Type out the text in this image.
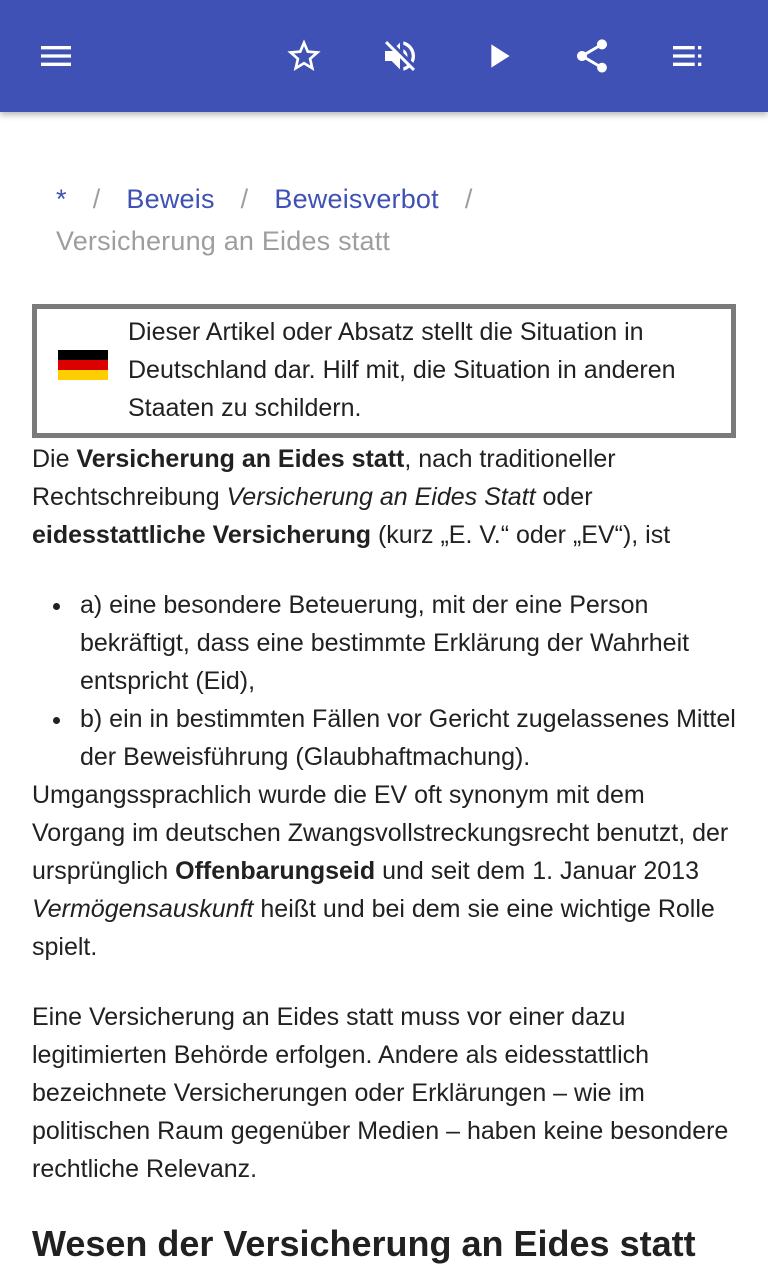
* / Beweis / Beweisverbot /
Versicherung an Eides statt
Dieser Artikel oder Absatz stellt die Situation in Deutschland dar. Hilf mit, die Situation in anderen Staaten zu schildern.

Die Versicherung an Eides statt, nach traditioneller Rechtschreibung Versicherung an Eides Statt oder eidesstattliche Versicherung (kurz „E. V.“ oder „EV“), ist

a) eine besondere Beteuerung, mit der eine Person bekräftigt, dass eine bestimmte Erklärung der Wahrheit entspricht (Eid),
b) ein in bestimmten Fällen vor Gericht zugelassenes Mittel der Beweisführung (Glaubhaftmachung).

Umgangssprachlich wurde die EV oft synonym mit dem Vorgang im deutschen Zwangsvollstreckungsrecht benutzt, der ursprünglich Offenbarungseid und seit dem 1. Januar 2013 Vermögensauskunft heißt und bei dem sie eine wichtige Rolle spielt.

Eine Versicherung an Eides statt muss vor einer dazu legitimierten Behörde erfolgen. Andere als eidesstattlich bezeichnete Versicherungen oder Erklärungen – wie im politischen Raum gegenüber Medien – haben keine besondere rechtliche Relevanz.

Wesen der Versicherung an Eides statt
